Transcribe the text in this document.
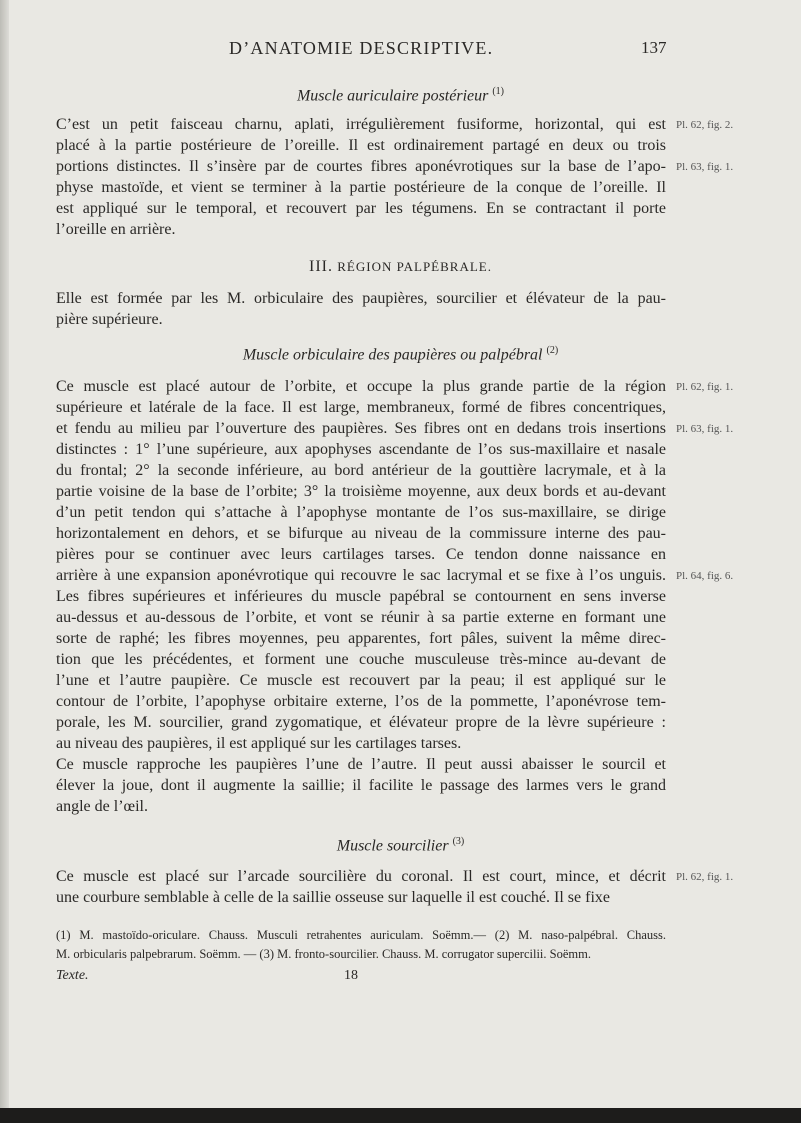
D’ANATOMIE DESCRIPTIVE.	137
Muscle auriculaire postérieur $^{(1)}$
C’est un petit faisceau charnu, aplati, irrégulièrement fusiforme, horizontal, qui est
placé à la partie postérieure de l’oreille. Il est ordinairement partagé en deux ou trois
portions distinctes. Il s’insère par de courtes fibres aponévrotiques sur la base de l’apo-
physe mastoïde, et vient se terminer à la partie postérieure de la conque de l’oreille. Il
est appliqué sur le temporal, et recouvert par les tégumens. En se contractant il porte
l’oreille en arrière.
Pl. 62, fig. 2.
Pl. 63, fig. 1.
III. RÉGION PALPÉBRALE.
Elle est formée par les M. orbiculaire des paupières, sourcilier et élévateur de la pau-
pière supérieure.
Muscle orbiculaire des paupières ou palpébral $^{(2)}$
Ce muscle est placé autour de l’orbite, et occupe la plus grande partie de la région
supérieure et latérale de la face. Il est large, membraneux, formé de fibres concentriques,
et fendu au milieu par l’ouverture des paupières. Ses fibres ont en dedans trois insertions
distinctes : 1° l’une supérieure, aux apophyses ascendante de l’os sus-maxillaire et nasale
du frontal; 2° la seconde inférieure, au bord antérieur de la gouttière lacrymale, et à la
partie voisine de la base de l’orbite; 3° la troisième moyenne, aux deux bords et au-devant
d’un petit tendon qui s’attache à l’apophyse montante de l’os sus-maxillaire, se dirige
horizontalement en dehors, et se bifurque au niveau de la commissure interne des pau-
pières pour se continuer avec leurs cartilages tarses. Ce tendon donne naissance en
arrière à une expansion aponévrotique qui recouvre le sac lacrymal et se fixe à l’os unguis.
Les fibres supérieures et inférieures du muscle papébral se contournent en sens inverse
au-dessus et au-dessous de l’orbite, et vont se réunir à sa partie externe en formant une
sorte de raphé; les fibres moyennes, peu apparentes, fort pâles, suivent la même direc-
tion que les précédentes, et forment une couche musculeuse très-mince au-devant de
l’une et l’autre paupière. Ce muscle est recouvert par la peau; il est appliqué sur le
contour de l’orbite, l’apophyse orbitaire externe, l’os de la pommette, l’aponévrose tem-
porale, les M. sourcilier, grand zygomatique, et élévateur propre de la lèvre supérieure :
au niveau des paupières, il est appliqué sur les cartilages tarses.
Ce muscle rapproche les paupières l’une de l’autre. Il peut aussi abaisser le sourcil et
élever la joue, dont il augmente la saillie; il facilite le passage des larmes vers le grand
angle de l’œil.
Pl. 62, fig. 1.
Pl. 63, fig. 1.
Pl. 64, fig. 6.
Muscle sourcilier $^{(3)}$
Ce muscle est placé sur l’arcade sourcilière du coronal. Il est court, mince, et décrit
une courbure semblable à celle de la saillie osseuse sur laquelle il est couché. Il se fixe
Pl. 62, fig. 1.
(1) M. mastoïdo-oriculare. Chauss. Musculi retrahentes auriculam. Soëmm.— (2) M. naso-palpébral. Chauss.
M. orbicularis palpebrarum. Soëmm. — (3) M. fronto-sourcilier. Chauss. M. corrugator supercilii. Soëmm.
Texte.	18
